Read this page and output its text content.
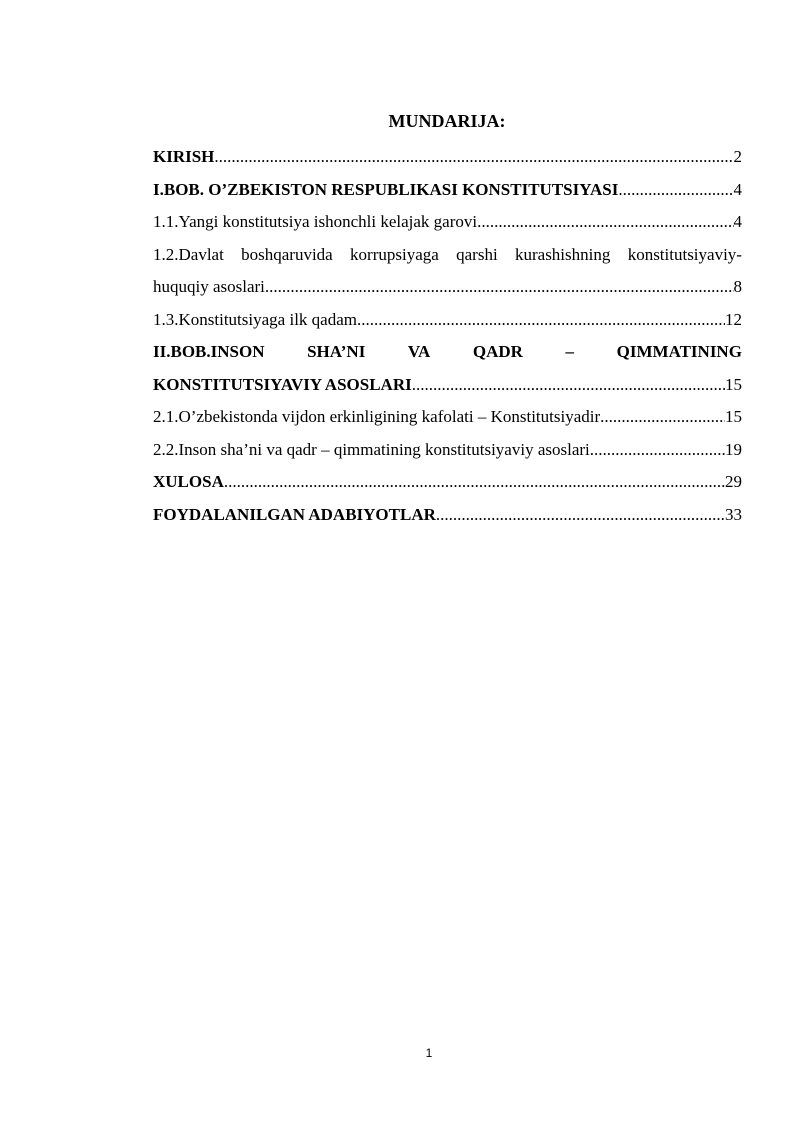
MUNDARIJA:
KIRISH .....	2
I.BOB. O’ZBEKISTON RESPUBLIKASI KONSTITUTSIYASI .....	4
1.1.Yangi konstitutsiya ishonchli kelajak garovi .....	4
1.2.Davlat boshqaruvida korrupsiyaga qarshi kurashishning konstitutsiyaviy-
huquqiy asoslari .....	8
1.3.Konstitutsiyaga ilk qadam .....	12
II.BOB.INSON	SHA’NI	VA	QADR	–	QIMMATINING
KONSTITUTSIYAVIY ASOSLARI .....	15
2.1.O’zbekistonda vijdon erkinligining kafolati – Konstitutsiyadir .....	15
2.2.Inson sha’ni va qadr – qimmatining konstitutsiyaviy asoslari .....	19
XULOSA .....	29
FOYDALANILGAN ADABIYOTLAR .....	33
1
